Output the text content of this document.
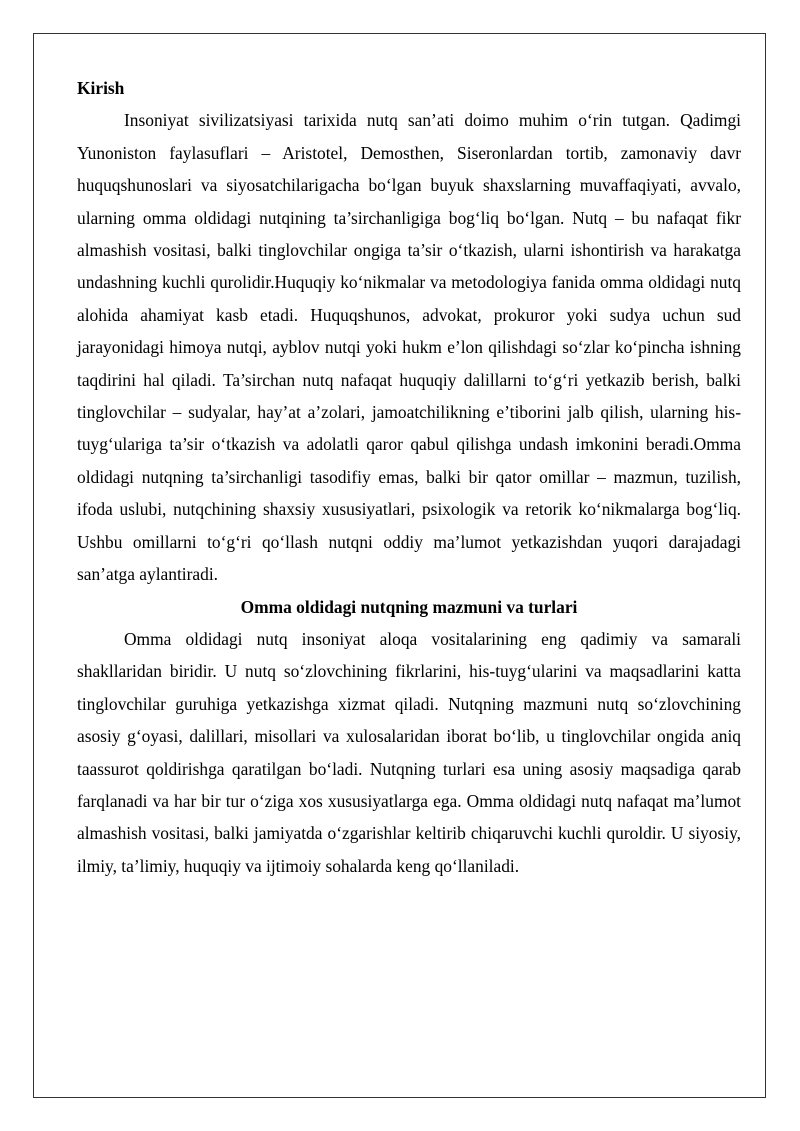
Kirish

Insoniyat sivilizatsiyasi tarixida nutq san’ati doimo muhim o‘rin tutgan. Qadimgi Yunoniston faylasuflari – Aristotel, Demosthen, Siseronlardan tortib, zamonaviy davr huquqshunoslari va siyosatchilarigacha bo‘lgan buyuk shaxslarning muvaffaqiyati, avvalo, ularning omma oldidagi nutqining ta’sirchanligiga bog‘liq bo‘lgan. Nutq – bu nafaqat fikr almashish vositasi, balki tinglovchilar ongiga ta’sir o‘tkazish, ularni ishontirish va harakatga undashning kuchli qurolidir.Huquqiy ko‘nikmalar va metodologiya fanida omma oldidagi nutq alohida ahamiyat kasb etadi. Huquqshunos, advokat, prokuror yoki sudya uchun sud jarayonidagi himoya nutqi, ayblov nutqi yoki hukm e’lon qilishdagi so‘zlar ko‘pincha ishning taqdirini hal qiladi. Ta’sirchan nutq nafaqat huquqiy dalillarni to‘g‘ri yetkazib berish, balki tinglovchilar – sudyalar, hay’at a’zolari, jamoatchilikning e’tiborini jalb qilish, ularning his-tuyg‘ulariga ta’sir o‘tkazish va adolatli qaror qabul qilishga undash imkonini beradi.Omma oldidagi nutqning ta’sirchanligi tasodifiy emas, balki bir qator omillar – mazmun, tuzilish, ifoda uslubi, nutqchining shaxsiy xususiyatlari, psixologik va retorik ko‘nikmalarga bog‘liq. Ushbu omillarni to‘g‘ri qo‘llash nutqni oddiy ma’lumot yetkazishdan yuqori darajadagi san’atga aylantiradi.

Omma oldidagi nutqning mazmuni va turlari

Omma oldidagi nutq insoniyat aloqa vositalarining eng qadimiy va samarali shakllaridan biridir. U nutq so‘zlovchining fikrlarini, his-tuyg‘ularini va maqsadlarini katta tinglovchilar guruhiga yetkazishga xizmat qiladi. Nutqning mazmuni nutq so‘zlovchining asosiy g‘oyasi, dalillari, misollari va xulosalaridan iborat bo‘lib, u tinglovchilar ongida aniq taassurot qoldirishga qaratilgan bo‘ladi. Nutqning turlari esa uning asosiy maqsadiga qarab farqlanadi va har bir tur o‘ziga xos xususiyatlarga ega. Omma oldidagi nutq nafaqat ma’lumot almashish vositasi, balki jamiyatda o‘zgarishlar keltirib chiqaruvchi kuchli quroldir. U siyosiy, ilmiy, ta’limiy, huquqiy va ijtimoiy sohalarda keng qo‘llaniladi.
